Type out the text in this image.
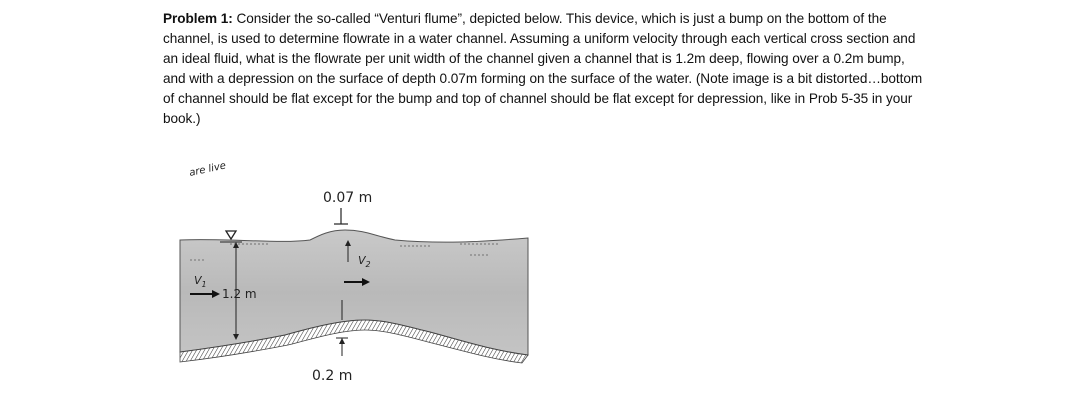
Problem 1: Consider the so-called “Venturi flume”, depicted below. This device, which is just a bump on the bottom of the channel, is used to determine flowrate in a water channel. Assuming a uniform velocity through each vertical cross section and an ideal fluid, what is the flowrate per unit width of the channel given a channel that is 1.2m deep, flowing over a 0.2m bump, and with a depression on the surface of depth 0.07m forming on the surface of the water. (Note image is a bit distorted…bottom of channel should be flat except for the bump and top of channel should be flat except for depression, like in Prob 5-35 in your book.)
are live
0.07 m
1.2 m
$V_1$
$V_2$
0.2 m
